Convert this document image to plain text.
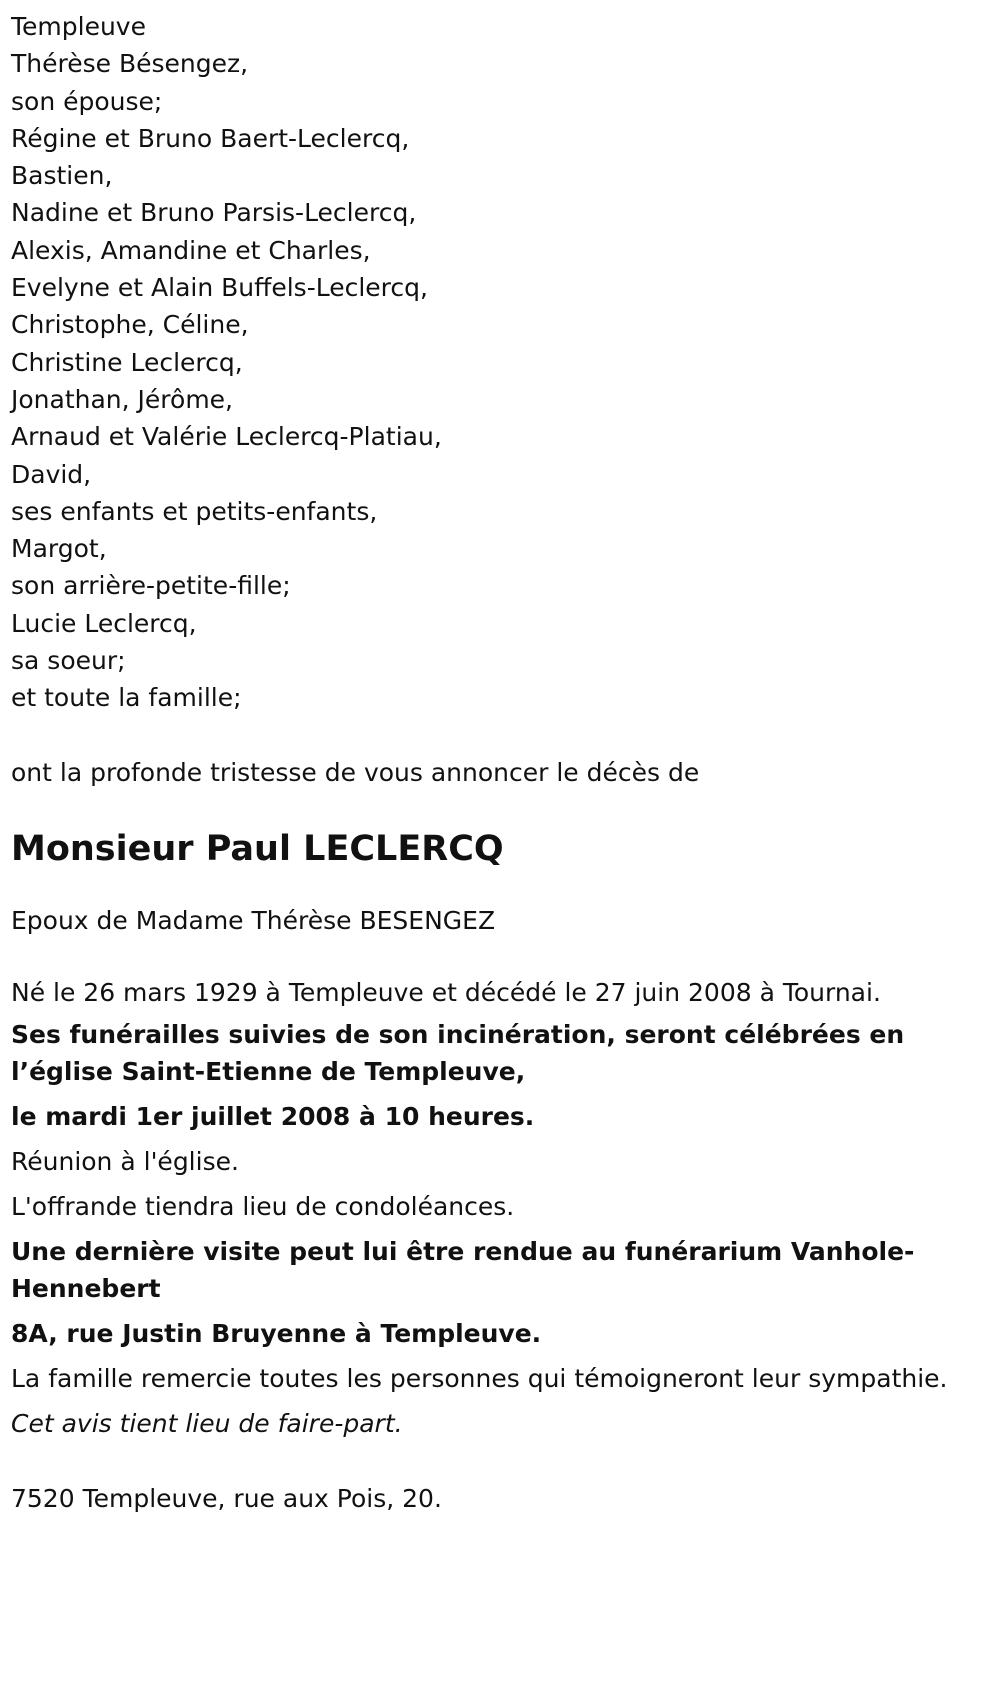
Templeuve
Thérèse Bésengez,
son épouse;
Régine et Bruno Baert-Leclercq,
Bastien,
Nadine et Bruno Parsis-Leclercq,
Alexis, Amandine et Charles,
Evelyne et Alain Buffels-Leclercq,
Christophe, Céline,
Christine Leclercq,
Jonathan, Jérôme,
Arnaud et Valérie Leclercq-Platiau,
David,
ses enfants et petits-enfants,
Margot,
son arrière-petite-fille;
Lucie Leclercq,
sa soeur;
et toute la famille;
ont la profonde tristesse de vous annoncer le décès de
Monsieur Paul LECLERCQ
Epoux de Madame Thérèse BESENGEZ
Né le 26 mars 1929 à Templeuve et décédé le 27 juin 2008 à Tournai.
Ses funérailles suivies de son incinération, seront célébrées en l’église Saint-Etienne de Templeuve,
le mardi 1er juillet 2008 à 10 heures.
Réunion à l'église.
L'offrande tiendra lieu de condoléances.
Une dernière visite peut lui être rendue au funérarium Vanhole-Hennebert
8A, rue Justin Bruyenne à Templeuve.
La famille remercie toutes les personnes qui témoigneront leur sympathie.
Cet avis tient lieu de faire-part.
7520 Templeuve, rue aux Pois, 20.
